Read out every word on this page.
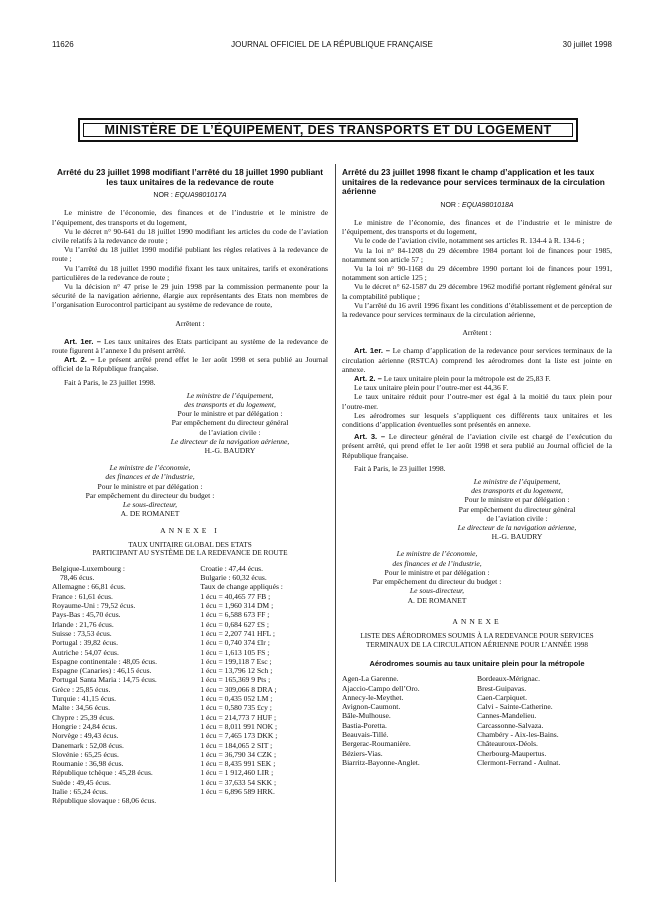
11626	JOURNAL OFFICIEL DE LA RÉPUBLIQUE FRANÇAISE	30 juillet 1998
MINISTÈRE DE L’ÉQUIPEMENT, DES TRANSPORTS ET DU LOGEMENT
Arrêté du 23 juillet 1998 modifiant l’arrêté du 18 juillet 1990 publiant les taux unitaires de la redevance de route
NOR : EQUA9801017A

Le ministre de l’économie, des finances et de l’industrie et le ministre de l’équipement, des transports et du logement,

Vu le décret n° 90-641 du 18 juillet 1990 modifiant les articles du code de l’aviation civile relatifs à la redevance de route ;

Vu l’arrêté du 18 juillet 1990 modifié publiant les règles relatives à la redevance de route ;

Vu l’arrêté du 18 juillet 1990 modifié fixant les taux unitaires, tarifs et exonérations particulières de la redevance de route ;

Vu la décision n° 47 prise le 29 juin 1998 par la commission permanente pour la sécurité de la navigation aérienne, élargie aux représentants des Etats non membres de l’organisation Eurocontrol participant au système de redevance de route,

Arrêtent :

Art. 1er. – Les taux unitaires des Etats participant au système de la redevance de route figurent à l’annexe I du présent arrêté.

Art. 2. – Le présent arrêté prend effet le 1er août 1998 et sera publié au Journal officiel de la République française.

Fait à Paris, le 23 juillet 1998.

Le ministre de l’équipement,
des transports et du logement,
Pour le ministre et par délégation :
Par empêchement du directeur général
de l’aviation civile :
Le directeur de la navigation aérienne,
H.-G. BAUDRY
Le ministre de l’économie,
des finances et de l’industrie,
Pour le ministre et par délégation :
Par empêchement du directeur du budget :
Le sous-directeur,
A. DE ROMANET
ANNEXE I
TAUX UNITAIRE GLOBAL DES ETATS
PARTICIPANT AU SYSTÈME DE LA REDEVANCE DE ROUTE
Belgique-Luxembourg :
78,46 écus.
Allemagne : 66,81 écus.
France : 61,61 écus.
Royaume-Uni : 79,52 écus.
Pays-Bas : 45,70 écus.
Irlande : 21,76 écus.
Suisse : 73,53 écus.
Portugal : 39,82 écus.
Autriche : 54,07 écus.
Espagne continentale : 48,05 écus.
Espagne (Canaries) : 46,15 écus.
Portugal Santa Maria : 14,75 écus.
Grèce : 25,85 écus.
Turquie : 41,15 écus.
Malte : 34,56 écus.
Chypre : 25,39 écus.
Hongrie : 24,84 écus.
Norvège : 49,43 écus.
Danemark : 52,08 écus.
Slovénie : 65,25 écus.
Roumanie : 36,98 écus.
République tchèque : 45,28 écus.
Suède : 49,45 écus.
Italie : 65,24 écus.
République slovaque : 68,06 écus.
Croatie : 47,44 écus.
Bulgarie : 60,32 écus.
Taux de change appliqués :
1 écu = 40,465 77 FB ;
1 écu = 1,960 314 DM ;
1 écu = 6,588 673 FF ;
1 écu = 0,684 627 £S ;
1 écu = 2,207 741 HFL ;
1 écu = 0,740 374 £Ir ;
1 écu = 1,613 105 FS ;
1 écu = 199,118 7 Esc ;
1 écu = 13,796 12 Sch ;
1 écu = 165,369 9 Pts ;
1 écu = 309,066 8 DRA ;
1 écu = 0,435 052 LM ;
1 écu = 0,580 735 £cy ;
1 écu = 214,773 7 HUF ;
1 écu = 8,011 991 NOK ;
1 écu = 7,465 173 DKK ;
1 écu = 184,065 2 SIT ;
1 écu = 36,790 34 CZK ;
1 écu = 8,435 991 SEK ;
1 écu = 1 912,460 LIR ;
1 écu = 37,633 54 SKK ;
1 écu = 6,896 589 HRK.
Arrêté du 23 juillet 1998 fixant le champ d’application et les taux unitaires de la redevance pour services terminaux de la circulation aérienne
NOR : EQUA9801018A

Le ministre de l’économie, des finances et de l’industrie et le ministre de l’équipement, des transports et du logement,

Vu le code de l’aviation civile, notamment ses articles R. 134-4 à R. 134-6 ;

Vu la loi n° 84-1208 du 29 décembre 1984 portant loi de finances pour 1985, notamment son article 57 ;

Vu la loi n° 90-1168 du 29 décembre 1990 portant loi de finances pour 1991, notamment son article 125 ;

Vu le décret n° 62-1587 du 29 décembre 1962 modifié portant règlement général sur la comptabilité publique ;

Vu l’arrêté du 16 avril 1996 fixant les conditions d’établissement et de perception de la redevance pour services terminaux de la circulation aérienne,

Arrêtent :

Art. 1er. – Le champ d’application de la redevance pour services terminaux de la circulation aérienne (RSTCA) comprend les aérodromes dont la liste est jointe en annexe.

Art. 2. – Le taux unitaire plein pour la métropole est de 25,83 F.

Le taux unitaire plein pour l’outre-mer est 44,36 F.

Le taux unitaire réduit pour l’outre-mer est égal à la moitié du taux plein pour l’outre-mer.

Les aérodromes sur lesquels s’appliquent ces différents taux unitaires et les conditions d’application éventuelles sont présentés en annexe.

Art. 3. – Le directeur général de l’aviation civile est chargé de l’exécution du présent arrêté, qui prend effet le 1er août 1998 et sera publié au Journal officiel de la République française.

Fait à Paris, le 23 juillet 1998.

Le ministre de l’équipement,
des transports et du logement,
Pour le ministre et par délégation :
Par empêchement du directeur général
de l’aviation civile :
Le directeur de la navigation aérienne,
H.-G. BAUDRY
Le ministre de l’économie,
des finances et de l’industrie,
Pour le ministre et par délégation :
Par empêchement du directeur du budget :
Le sous-directeur,
A. DE ROMANET
ANNEXE
LISTE DES AÉRODROMES SOUMIS À LA REDEVANCE POUR SERVICES TERMINAUX DE LA CIRCULATION AÉRIENNE POUR L’ANNÉE 1998
Aérodromes soumis au taux unitaire plein pour la métropole
Agen-La Garenne.
Ajaccio-Campo dell’Oro.
Annecy-le-Meythet.
Avignon-Caumont.
Bâle-Mulhouse.
Bastia-Poretta.
Beauvais-Tillé.
Bergerac-Roumanière.
Béziers-Vias.
Biarritz-Bayonne-Anglet.
Bordeaux-Mérignac.
Brest-Guipavas.
Caen-Carpiquet.
Calvi - Sainte-Catherine.
Cannes-Mandelieu.
Carcassonne-Salvaza.
Chambéry - Aix-les-Bains.
Châteauroux-Déols.
Cherbourg-Maupertus.
Clermont-Ferrand - Aulnat.
